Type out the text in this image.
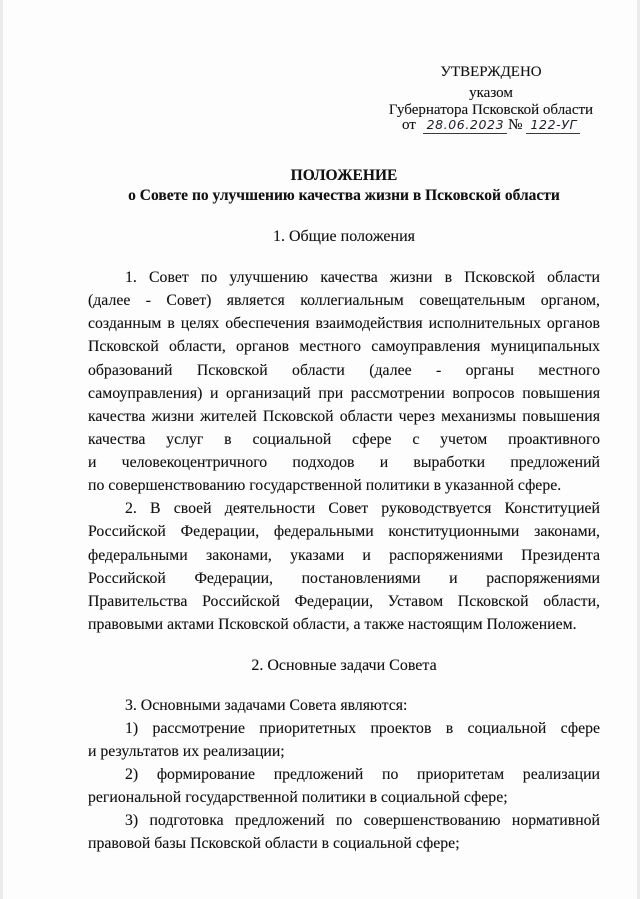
УТВЕРЖДЕНО
указом
Губернатора Псковской области
от 28.06.2023 № 122-УГ
ПОЛОЖЕНИЕ
о Совете по улучшению качества жизни в Псковской области
1. Общие положения
1. Совет по улучшению качества жизни в Псковской области
(далее - Совет) является коллегиальным совещательным органом,
созданным в целях обеспечения взаимодействия исполнительных органов
Псковской области, органов местного самоуправления муниципальных
образований Псковской области (далее - органы местного
самоуправления) и организаций при рассмотрении вопросов повышения
качества жизни жителей Псковской области через механизмы повышения
качества услуг в социальной сфере с учетом проактивного
и человекоцентричного подходов и выработки предложений
по совершенствованию государственной политики в указанной сфере.
2. В своей деятельности Совет руководствуется Конституцией
Российской Федерации, федеральными конституционными законами,
федеральными законами, указами и распоряжениями Президента
Российской Федерации, постановлениями и распоряжениями
Правительства Российской Федерации, Уставом Псковской области,
правовыми актами Псковской области, а также настоящим Положением.
2. Основные задачи Совета
3. Основными задачами Совета являются:
1) рассмотрение приоритетных проектов в социальной сфере
и результатов их реализации;
2) формирование предложений по приоритетам реализации
региональной государственной политики в социальной сфере;
3) подготовка предложений по совершенствованию нормативной
правовой базы Псковской области в социальной сфере;
